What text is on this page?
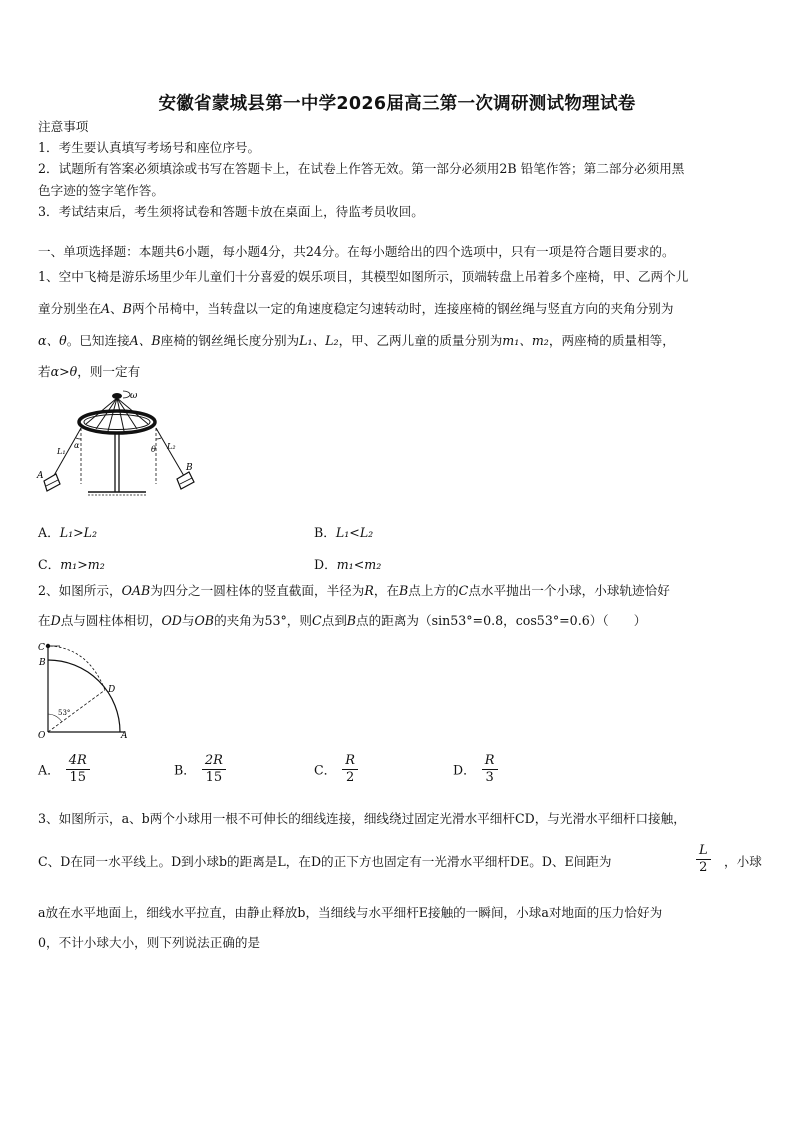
安徽省蒙城县第一中学2026届高三第一次调研测试物理试卷
注意事项
1．考生要认真填写考场号和座位序号。
2．试题所有答案必须填涂或书写在答题卡上，在试卷上作答无效。第一部分必须用2B 铅笔作答；第二部分必须用黑
色字迹的签字笔作答。
3．考试结束后，考生须将试卷和答题卡放在桌面上，待监考员收回。
一、单项选择题：本题共6小题，每小题4分，共24分。在每小题给出的四个选项中，只有一项是符合题目要求的。
1、空中飞椅是游乐场里少年儿童们十分喜爱的娱乐项目，其模型如图所示，顶端转盘上吊着多个座椅，甲、乙两个儿
童分别坐在A、B两个吊椅中，当转盘以一定的角速度稳定匀速转动时，连接座椅的钢丝绳与竖直方向的夹角分别为
α、θ。巳知连接A、B座椅的钢丝绳长度分别为L₁、L₂，甲、乙两儿童的质量分别为m₁、m₂，两座椅的质量相等，
若α>θ，则一定有
ω
L₁
α
A
L₂
θ
B
A．L₁>L₂	B．L₁<L₂
C．m₁>m₂	D．m₁<m₂
2、如图所示，OAB为四分之一圆柱体的竖直截面，半径为R，在B点上方的C点水平抛出一个小球，小球轨迹恰好
在D点与圆柱体相切，OD与OB的夹角为53°，则C点到B点的距离为（sin53°=0.8，cos53°=0.6）（　　）
53°
C
B
D
O	A
A． $\frac{4R}{15}$	B． $\frac{2R}{15}$	C． $\frac{R}{2}$	D． $\frac{R}{3}$
3、如图所示，a、b两个小球用一根不可伸长的细线连接，细线绕过固定光滑水平细杆CD，与光滑水平细杆口接触，
C、D在同一水平线上。D到小球b的距离是L，在D的正下方也固定有一光滑水平细杆DE。D、E间距为	$\frac{L}{2}$ ，小球
a放在水平地面上，细线水平拉直，由静止释放b，当细线与水平细杆E接触的一瞬间，小球a对地面的压力恰好为
0，不计小球大小，则下列说法正确的是
